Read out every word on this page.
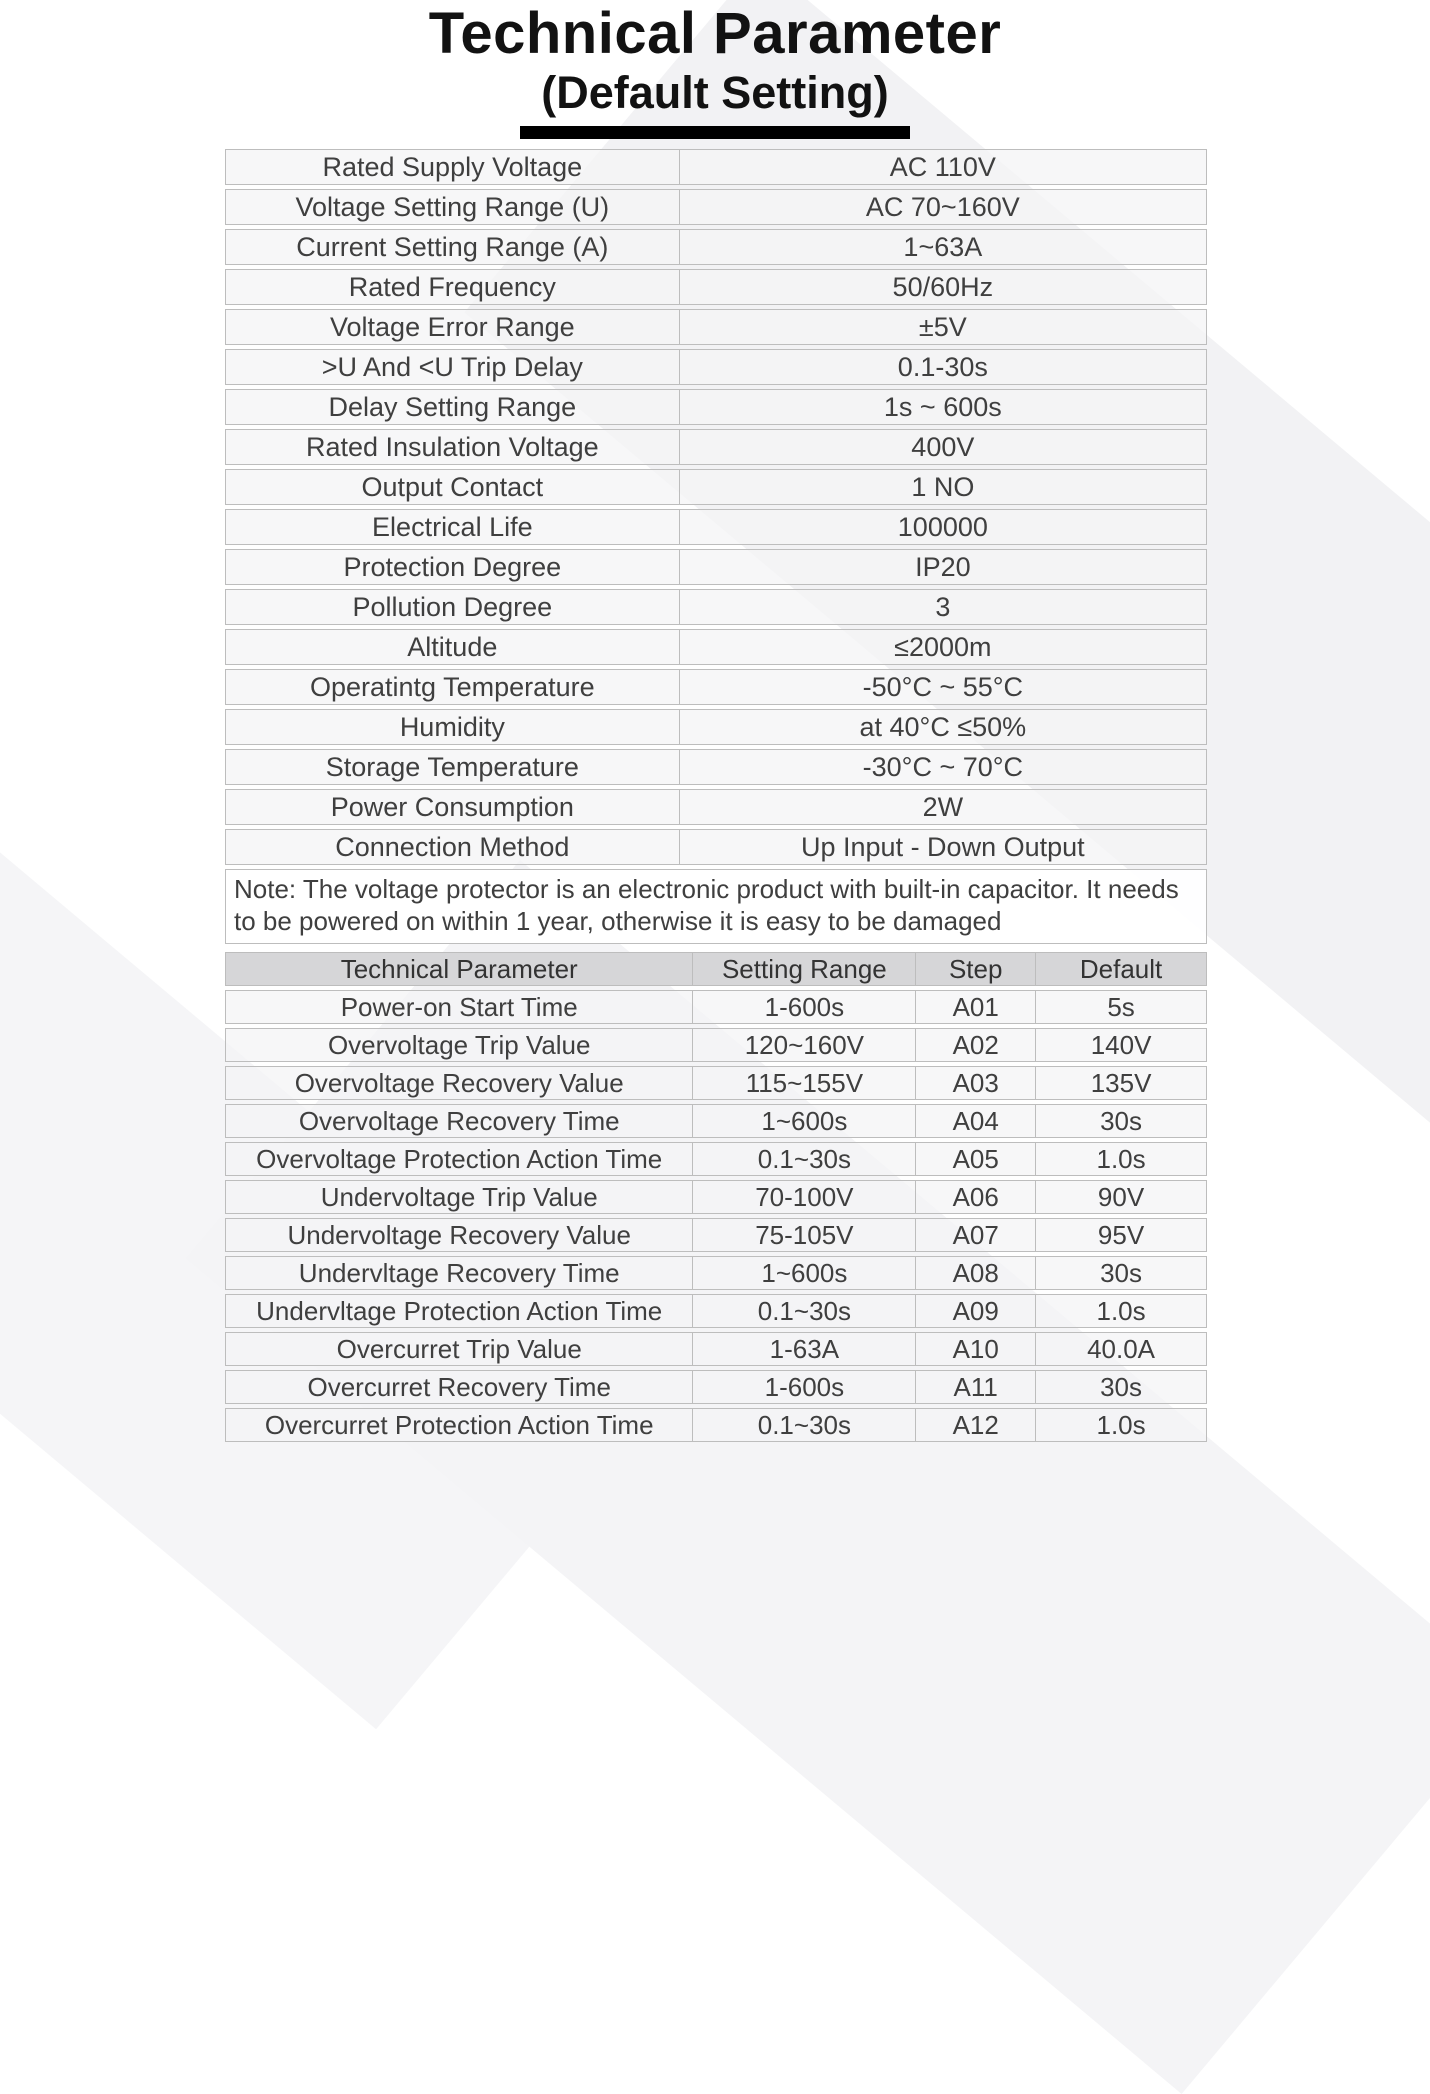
Technical Parameter
(Default Setting)
Rated Supply Voltage	AC 110V
Voltage Setting Range (U)	AC 70~160V
Current Setting Range (A)	1~63A
Rated Frequency	50/60Hz
Voltage Error Range	±5V
>U And <U Trip Delay	0.1-30s
Delay Setting Range	1s ~ 600s
Rated Insulation Voltage	400V
Output Contact	1 NO
Electrical Life	100000
Protection Degree	IP20
Pollution Degree	3
Altitude	≤2000m
Operatintg Temperature	-50°C ~ 55°C
Humidity	at 40°C ≤50%
Storage Temperature	-30°C ~ 70°C
Power Consumption	2W
Connection Method	Up Input - Down Output
Note: The voltage protector is an electronic product with built-in capacitor. It needs to be powered on within 1 year, otherwise it is easy to be damaged
Technical Parameter	Setting Range	Step	Default
Power-on Start Time	1-600s	A01	5s
Overvoltage Trip Value	120~160V	A02	140V
Overvoltage Recovery Value	115~155V	A03	135V
Overvoltage Recovery Time	1~600s	A04	30s
Overvoltage Protection Action Time	0.1~30s	A05	1.0s
Undervoltage Trip Value	70-100V	A06	90V
Undervoltage Recovery Value	75-105V	A07	95V
Undervltage Recovery Time	1~600s	A08	30s
Undervltage Protection Action Time	0.1~30s	A09	1.0s
Overcurret Trip Value	1-63A	A10	40.0A
Overcurret Recovery Time	1-600s	A11	30s
Overcurret Protection Action Time	0.1~30s	A12	1.0s
